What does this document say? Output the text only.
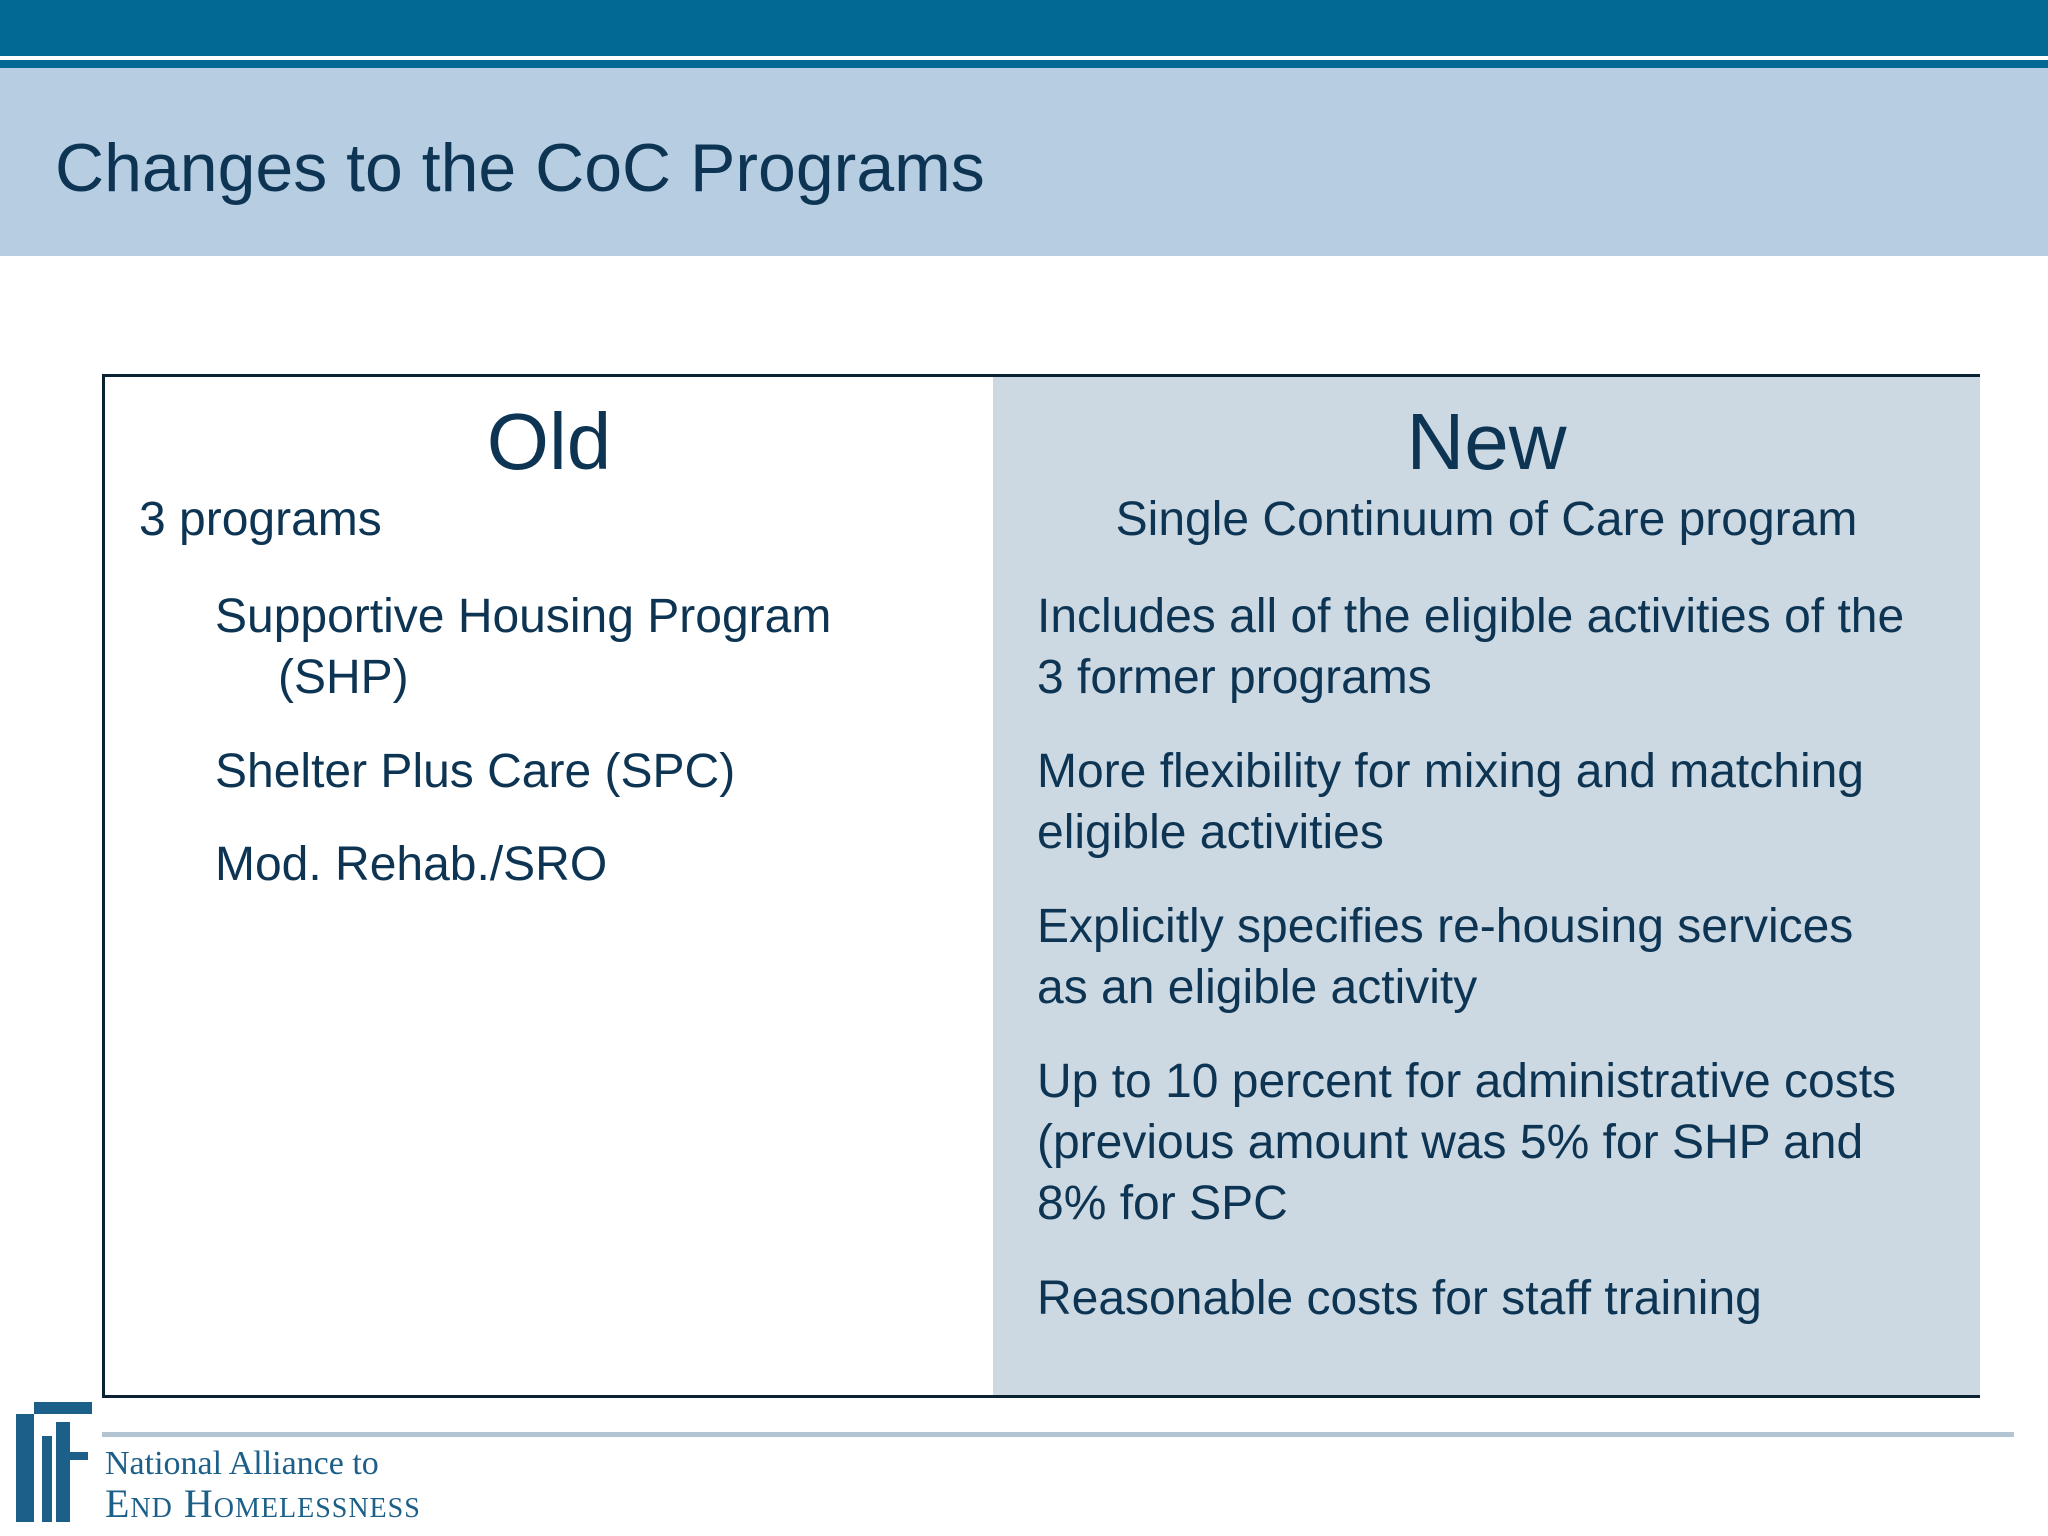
Changes to the CoC Programs
Old

3 programs

Supportive Housing Program

(SHP)

Shelter Plus Care (SPC)

Mod. Rehab./SRO

New

Single Continuum of Care program

Includes all of the eligible activities of the

3 former programs

More flexibility for mixing and matching

eligible activities

Explicitly specifies re-housing services

as an eligible activity

Up to 10 percent for administrative costs

(previous amount was 5% for SHP and

8% for SPC

Reasonable costs for staff training

National Alliance to
End Homelessness
